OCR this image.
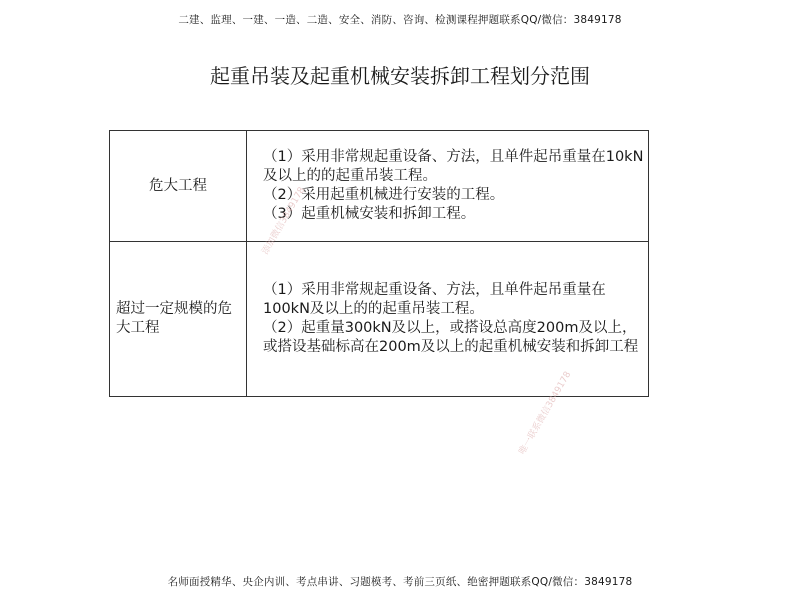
二建、监理、一建、一造、二造、安全、消防、咨询、检测课程押题联系QQ/微信：3849178
起重吊装及起重机械安装拆卸工程划分范围
危大工程	（1）采用非常规起重设备、方法，且单件起吊重量在10kN及以上的的起重吊装工程。
（2）采用起重机械进行安装的工程。
（3）起重机械安装和拆卸工程。

超过一定规模的危大工程	（1）采用非常规起重设备、方法，且单件起吊重量在100kN及以上的的起重吊装工程。
（2）起重量300kN及以上，或搭设总高度200m及以上，或搭设基础标高在200m及以上的起重机械安装和拆卸工程
添加微信3849178
唯一联系微信3849178
名师面授精华、央企内训、考点串讲、习题模考、考前三页纸、绝密押题联系QQ/微信：3849178
